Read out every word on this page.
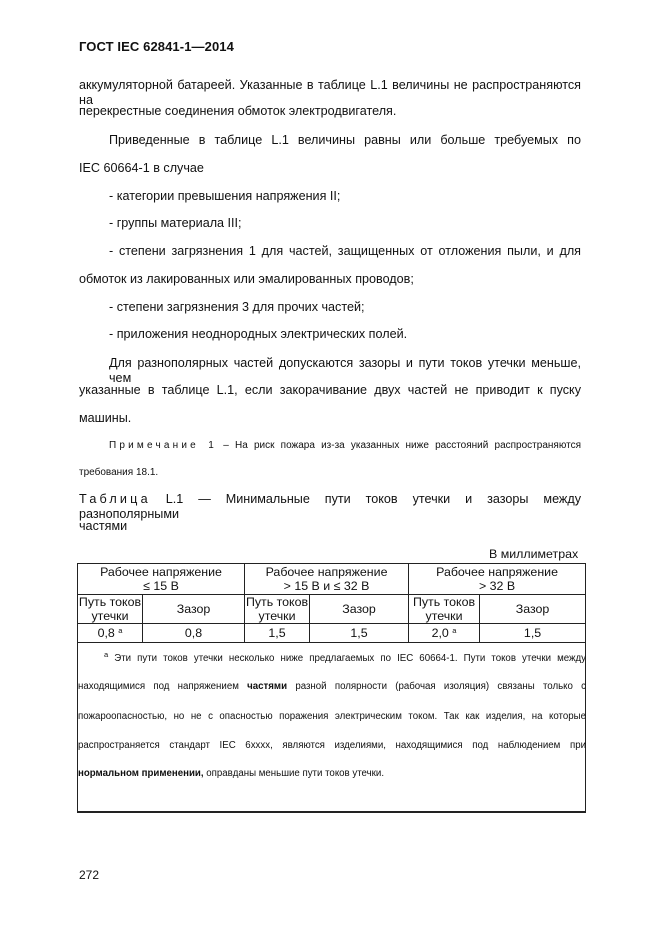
ГОСТ IEC 62841-1—2014
аккумуляторной батареей. Указанные в таблице L.1 величины не распространяются на
перекрестные соединения обмоток электродвигателя.
Приведенные в таблице L.1 величины равны или больше требуемых по
IEC 60664-1 в случае
- категории превышения напряжения II;
- группы материала III;
- степени загрязнения 1 для частей, защищенных от отложения пыли, и для
обмоток из лакированных или эмалированных проводов;
- степени загрязнения 3 для прочих частей;
- приложения неоднородных электрических полей.
Для разнополярных частей допускаются зазоры и пути токов утечки меньше, чем
указанные в таблице L.1, если закорачивание двух частей не приводит к пуску
машины.
Примечание 1 – На риск пожара из-за указанных ниже расстояний распространяются
требования 18.1.
Таблица L.1 — Минимальные пути токов утечки и зазоры между разнополярными
частями
В миллиметрах
Рабочее напряжение
≤ 15 В		Рабочее напряжение
> 15 В и ≤ 32 В		Рабочее напряжение
> 32 В	
Путь токов
утечки	Зазор	Путь токов
утечки	Зазор	Путь токов
утечки	Зазор
0,8 $^a$	0,8	1,5	1,5	2,0 $^a$	1,5

$^a$ Эти пути токов утечки несколько ниже предлагаемых по IEC 60664-1. Пути токов утечки между
находящимися под напряжением частями разной полярности (рабочая изоляция) связаны только с
пожароопасностью, но не с опасностью поражения электрическим током. Так как изделия, на которые
распространяется стандарт IEC 6xxxx, являются изделиями, находящимися под наблюдением при
нормальном применении, оправданы меньшие пути токов утечки.					
272
